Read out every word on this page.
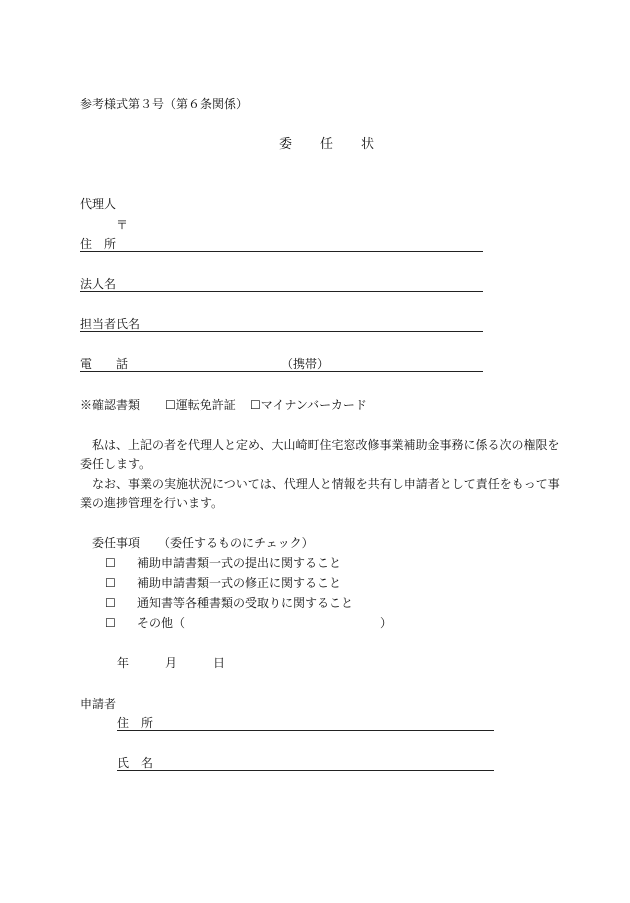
参考様式第３号（第６条関係）
委 任 状
代理人
〒
住　所
法人名
担当者氏名
電　　話	（携帯）
※確認書類 ☐運転免許証 ☐マイナンバーカード
　私は、上記の者を代理人と定め、大山崎町住宅窓改修事業補助金事務に係る次の権限を委任します。
　なお、事業の実施状況については、代理人と情報を共有し申請者として責任をもって事業の進捗管理を行います。
委任事項 （委任するものにチェック）
☐ 補助申請書類一式の提出に関すること
☐ 補助申請書類一式の修正に関すること
☐ 通知書等各種書類の受取りに関すること
☐ その他（	）
年	月	日
申請者
住　所
氏　名
